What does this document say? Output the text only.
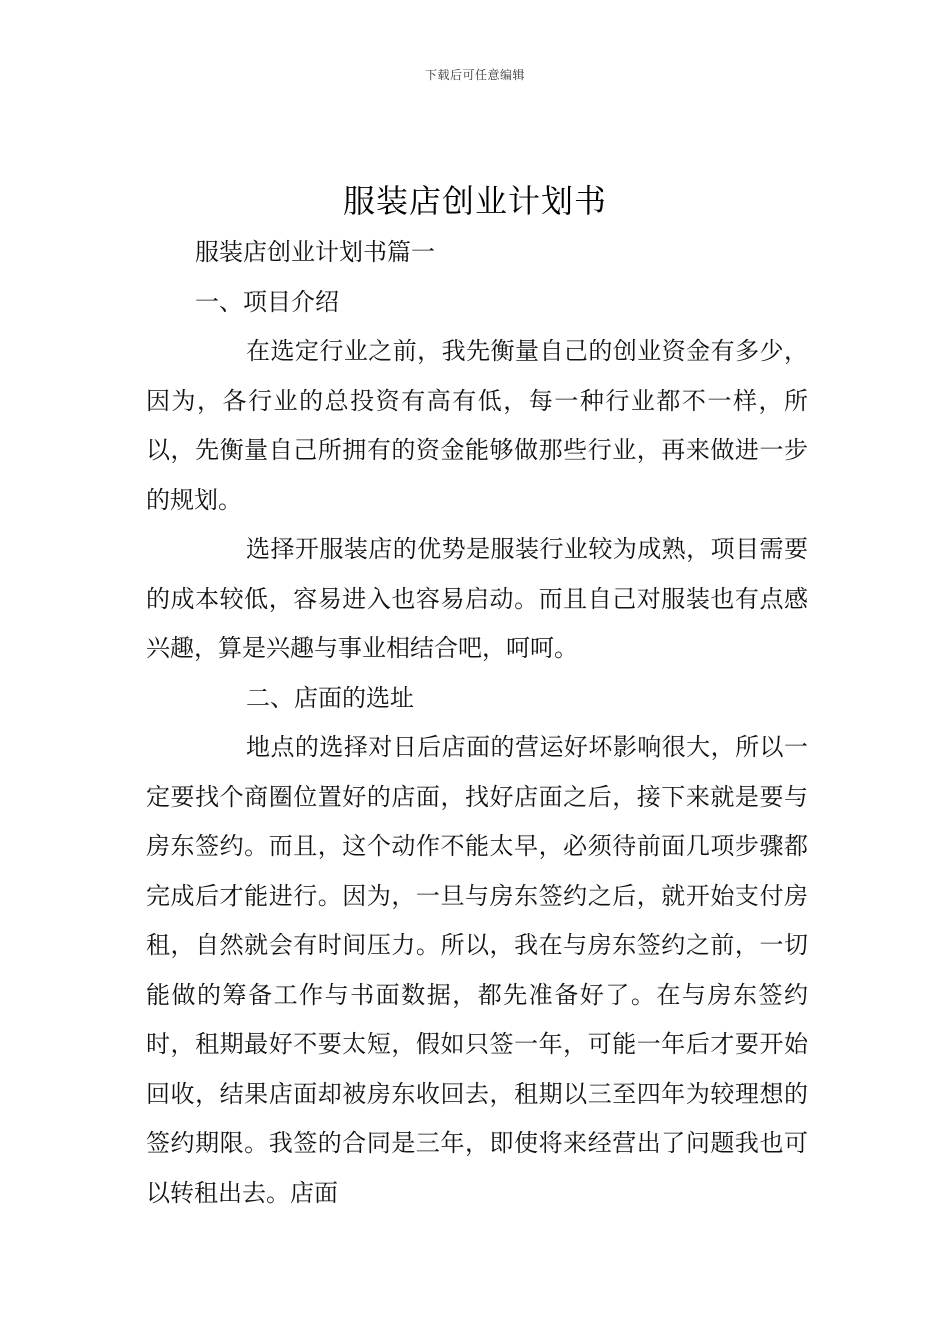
下载后可任意编辑
服装店创业计划书

服装店创业计划书篇一

一、项目介绍

在选定行业之前，我先衡量自己的创业资金有多少，因为，各行业的总投资有高有低，每一种行业都不一样，所以，先衡量自己所拥有的资金能够做那些行业，再来做进一步的规划。

选择开服装店的优势是服装行业较为成熟，项目需要的成本较低，容易进入也容易启动。而且自己对服装也有点感兴趣，算是兴趣与事业相结合吧，呵呵。

二、店面的选址

地点的选择对日后店面的营运好坏影响很大，所以一定要找个商圈位置好的店面，找好店面之后，接下来就是要与房东签约。而且，这个动作不能太早，必须待前面几项步骤都完成后才能进行。因为，一旦与房东签约之后，就开始支付房租，自然就会有时间压力。所以，我在与房东签约之前，一切能做的筹备工作与书面数据，都先准备好了。在与房东签约时，租期最好不要太短，假如只签一年，可能一年后才要开始回收，结果店面却被房东收回去，租期以三至四年为较理想的签约期限。我签的合同是三年，即使将来经营出了问题我也可以转租出去。店面
